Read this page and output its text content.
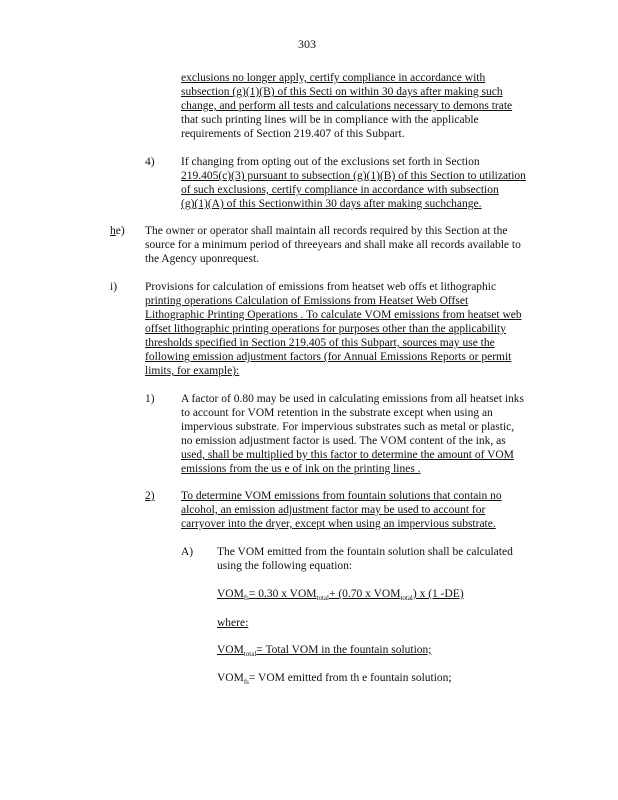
303
exclusions no longer apply, certify compliance in accordance with
subsection (g)(1)(B) of this Secti on within 30 days after making such
change, and perform all tests and calculations necessary to demons trate
that such printing lines will be in compliance with the applicable
requirements of Section 219.407 of this Subpart.
4) If changing from opting out of the exclusions set forth in Section
219.405(c)(3) pursuant to subsection (g)(1)(B) of this Section to utilization
of such exclusions, certify compliance in accordance with subsection
(g)(1)(A) of this Sectionwithin 30 days after making suchchange.
he) The owner or operator shall maintain all records required by this Section at the
source for a minimum period of threeyears and shall make all records available to
the Agency uponrequest.
i) Provisions for calculation of emissions from heatset web offs et lithographic
printing operations Calculation of Emissions from Heatset Web Offset
Lithographic Printing Operations . To calculate VOM emissions from heatset web
offset lithographic printing operations for purposes other than the applicability
thresholds specified in Section 219.405 of this Subpart, sources may use the
following emission adjustment factors (for Annual Emissions Reports or permit
limits, for example):
1) A factor of 0.80 may be used in calculating emissions from all heatset inks
to account for VOM retention in the substrate except when using an
impervious substrate. For impervious substrates such as metal or plastic,
no emission adjustment factor is used. The VOM content of the ink, as
used, shall be multiplied by this factor to determine the amount of VOM
emissions from the us e of ink on the printing lines .
2) To determine VOM emissions from fountain solutions that contain no
alcohol, an emission adjustment factor may be used to account for
carryover into the dryer, except when using an impervious substrate.
A) The VOM emitted from the fountain solution shall be calculated
using the following equation:
$VOM_{fs}= 0.30$ x $VOM_{total}+ (0.70$ x $VOM_{total}$) x (1 -DE)
where:
$VOM_{total}=$ Total VOM in the fountain solution;
$VOM_{fs}=$ VOM emitted from th e fountain solution;
